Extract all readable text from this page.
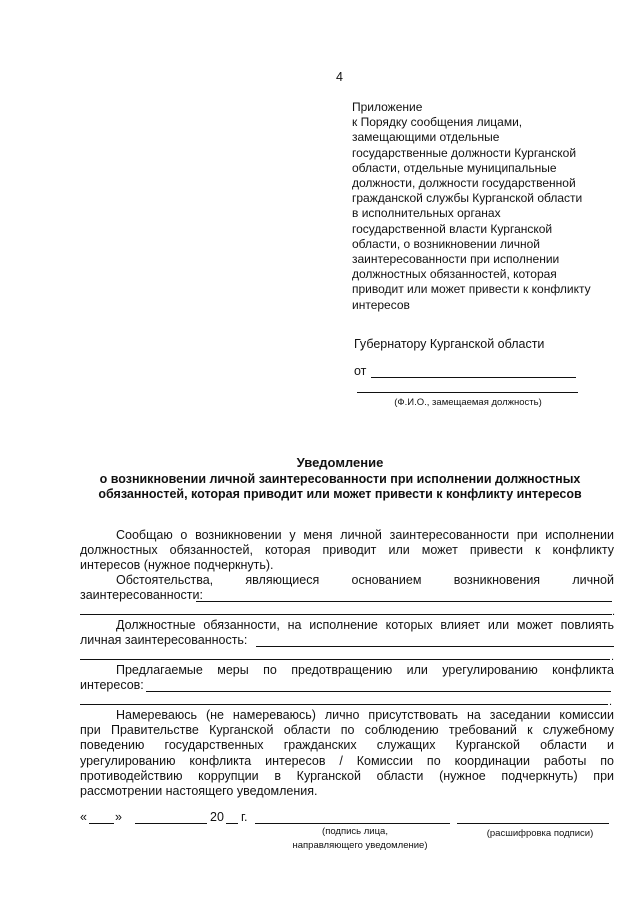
4
Приложение
к Порядку сообщения лицами,
замещающими отдельные
государственные должности Курганской
области, отдельные муниципальные
должности, должности государственной
гражданской службы Курганской области
в исполнительных органах
государственной власти Курганской
области, о возникновении личной
заинтересованности при исполнении
должностных обязанностей, которая
приводит или может привести к конфликту
интересов
Губернатору Курганской области
от
(Ф.И.О., замещаемая должность)
Уведомление
о возникновении личной заинтересованности при исполнении должностных
обязанностей, которая приводит или может привести к конфликту интересов
Сообщаю о возникновении у меня личной заинтересованности при исполнении
должностных обязанностей, которая приводит или может привести к конфликту
интересов (нужное подчеркнуть).
Обстоятельства, являющиеся основанием возникновения личной
заинтересованности:
.
Должностные обязанности, на исполнение которых влияет или может повлиять
личная заинтересованность:
.
Предлагаемые меры по предотвращению или урегулированию конфликта
интересов:
.
Намереваюсь (не намереваюсь) лично присутствовать на заседании комиссии
при Правительстве Курганской области по соблюдению требований к служебному
поведению государственных гражданских служащих Курганской области и
урегулированию конфликта интересов / Комиссии по координации работы по
противодействию коррупции в Курганской области (нужное подчеркнуть) при
рассмотрении настоящего уведомления.
« »	20 г.
(подпись лица,
направляющего уведомление)
(расшифровка подписи)
